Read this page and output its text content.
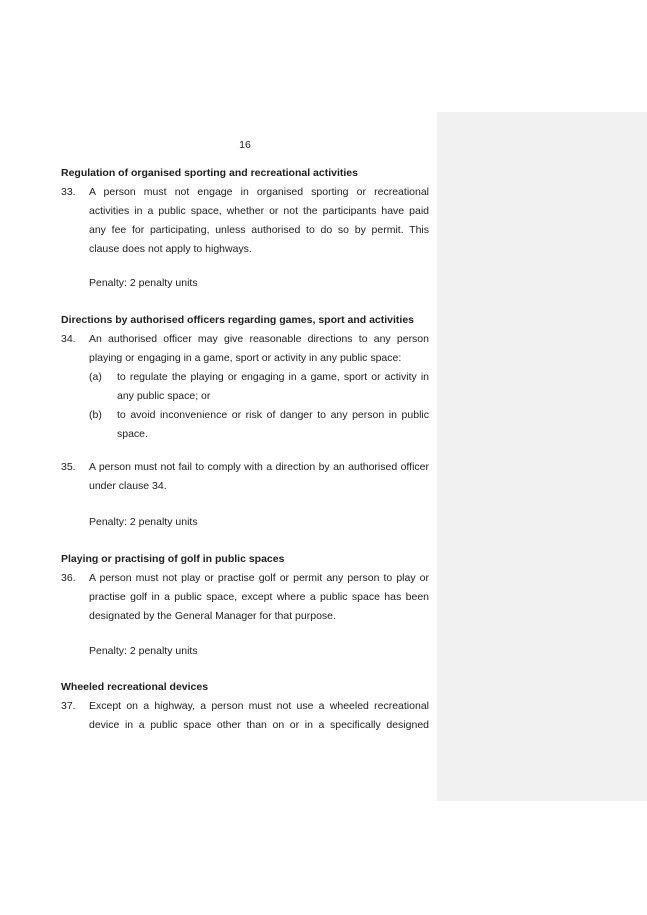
16
Regulation of organised sporting and recreational activities
33.	A person must not engage in organised sporting or recreational
activities in a public space, whether or not the participants have paid
any fee for participating, unless authorised to do so by permit. This
clause does not apply to highways.
Penalty: 2 penalty units
Directions by authorised officers regarding games, sport and activities
34.	An authorised officer may give reasonable directions to any person
playing or engaging in a game, sport or activity in any public space:
(a)	to regulate the playing or engaging in a game, sport or activity in
any public space; or
(b)	to avoid inconvenience or risk of danger to any person in public
space.
35.	A person must not fail to comply with a direction by an authorised officer
under clause 34.
Penalty: 2 penalty units
Playing or practising of golf in public spaces
36.	A person must not play or practise golf or permit any person to play or
practise golf in a public space, except where a public space has been
designated by the General Manager for that purpose.
Penalty: 2 penalty units
Wheeled recreational devices
37.	Except on a highway, a person must not use a wheeled recreational
device in a public space other than on or in a specifically designed
